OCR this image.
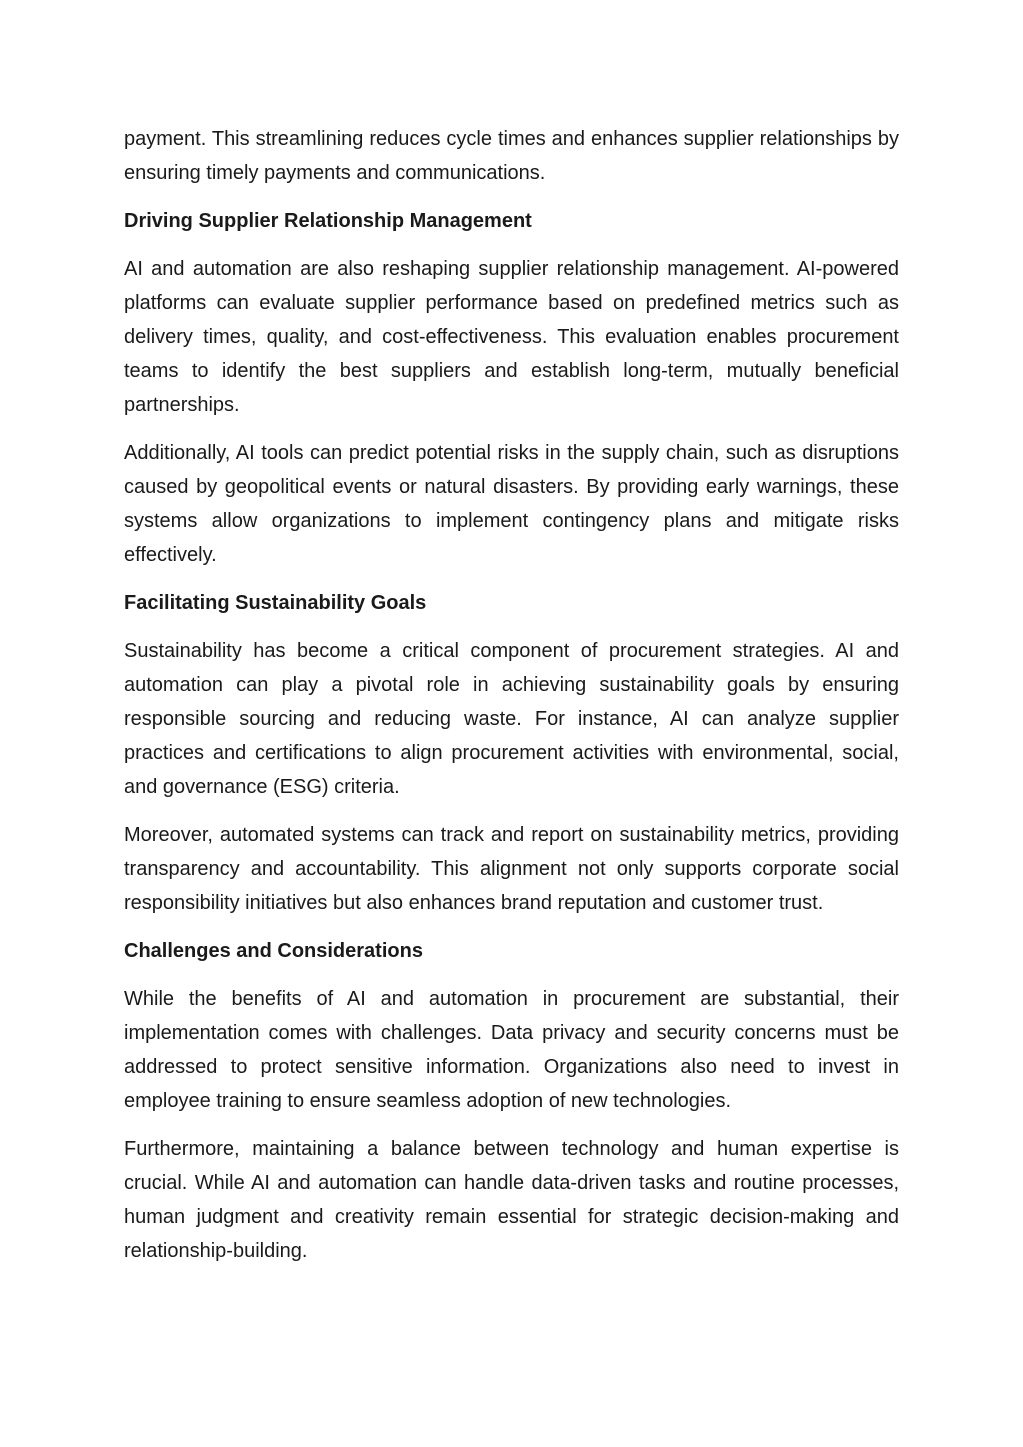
payment. This streamlining reduces cycle times and enhances supplier relationships by ensuring timely payments and communications.

Driving Supplier Relationship Management

AI and automation are also reshaping supplier relationship management. AI-powered platforms can evaluate supplier performance based on predefined metrics such as delivery times, quality, and cost-effectiveness. This evaluation enables procurement teams to identify the best suppliers and establish long-term, mutually beneficial partnerships.

Additionally, AI tools can predict potential risks in the supply chain, such as disruptions caused by geopolitical events or natural disasters. By providing early warnings, these systems allow organizations to implement contingency plans and mitigate risks effectively.

Facilitating Sustainability Goals

Sustainability has become a critical component of procurement strategies. AI and automation can play a pivotal role in achieving sustainability goals by ensuring responsible sourcing and reducing waste. For instance, AI can analyze supplier practices and certifications to align procurement activities with environmental, social, and governance (ESG) criteria.

Moreover, automated systems can track and report on sustainability metrics, providing transparency and accountability. This alignment not only supports corporate social responsibility initiatives but also enhances brand reputation and customer trust.

Challenges and Considerations

While the benefits of AI and automation in procurement are substantial, their implementation comes with challenges. Data privacy and security concerns must be addressed to protect sensitive information. Organizations also need to invest in employee training to ensure seamless adoption of new technologies.

Furthermore, maintaining a balance between technology and human expertise is crucial. While AI and automation can handle data-driven tasks and routine processes, human judgment and creativity remain essential for strategic decision-making and relationship-building.
